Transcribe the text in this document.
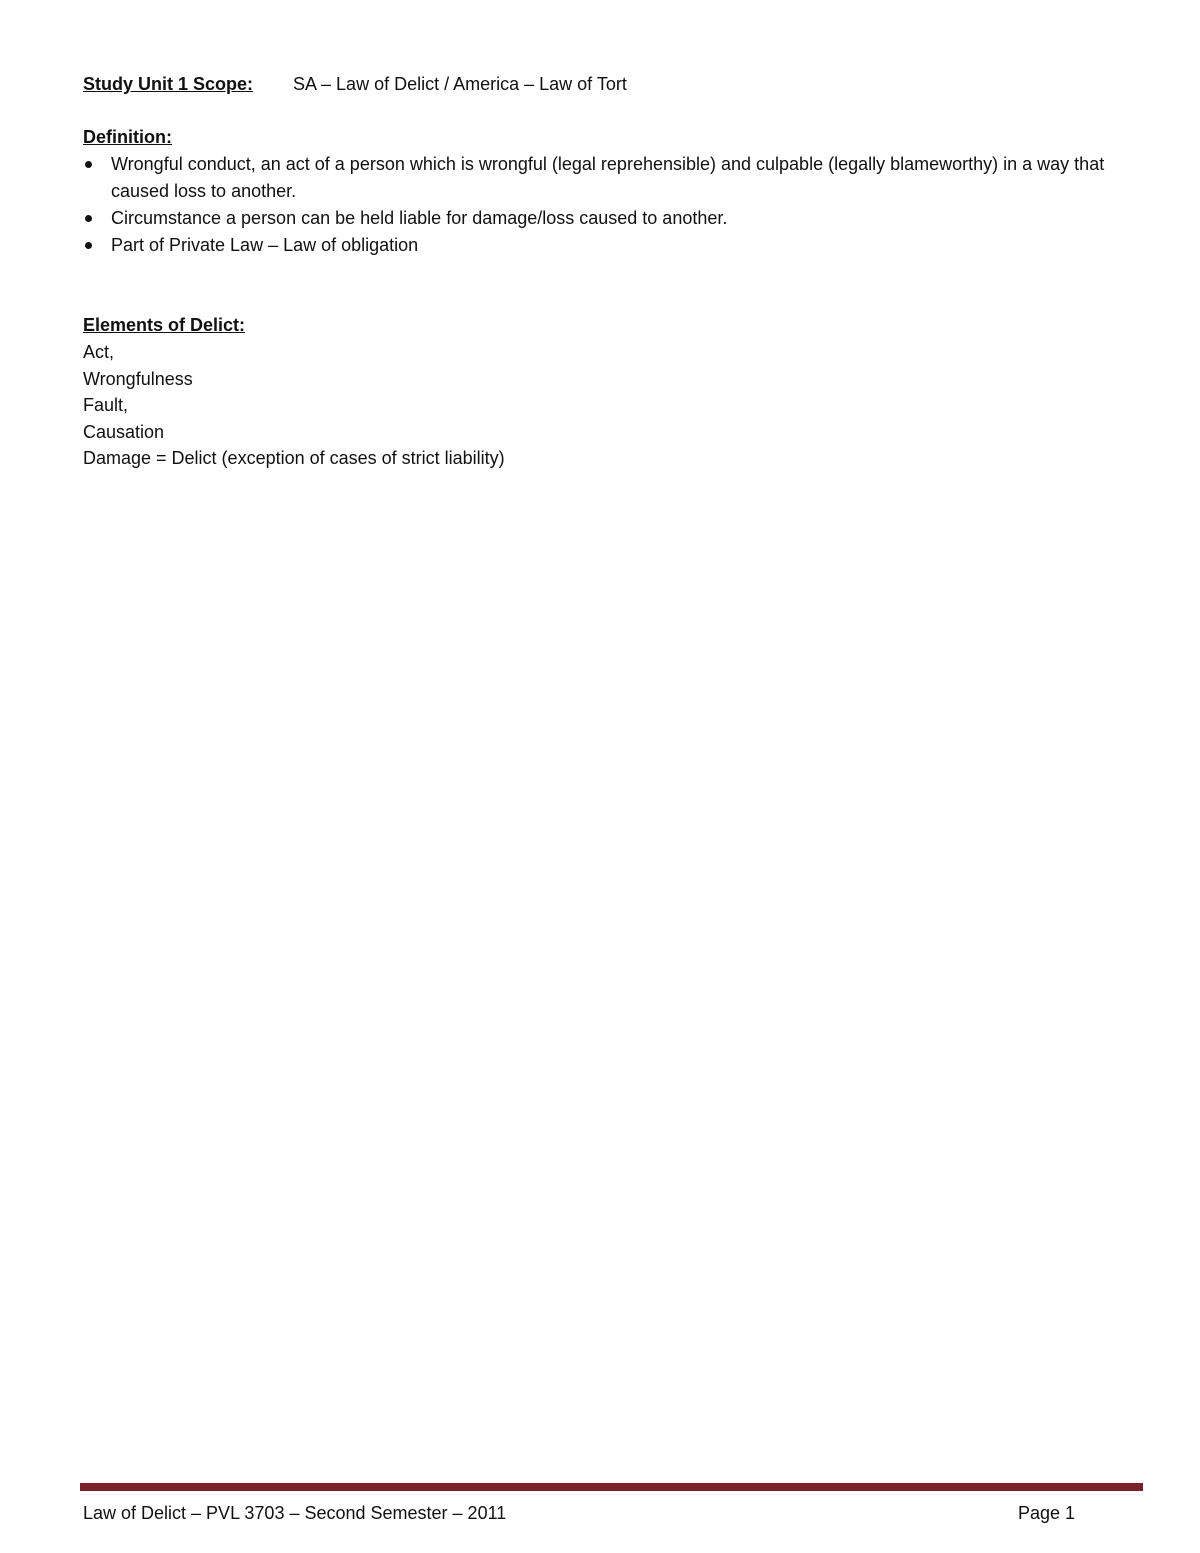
Study Unit 1 Scope: SA – Law of Delict / America – Law of Tort
Definition:
Wrongful conduct, an act of a person which is wrongful (legal reprehensible) and culpable (legally blameworthy) in a way that caused loss to another.
Circumstance a person can be held liable for damage/loss caused to another.
Part of Private Law – Law of obligation
Elements of Delict:
Act,
Wrongfulness
Fault,
Causation
Damage = Delict (exception of cases of strict liability)
Law of Delict – PVL 3703 – Second Semester – 2011	Page 1
